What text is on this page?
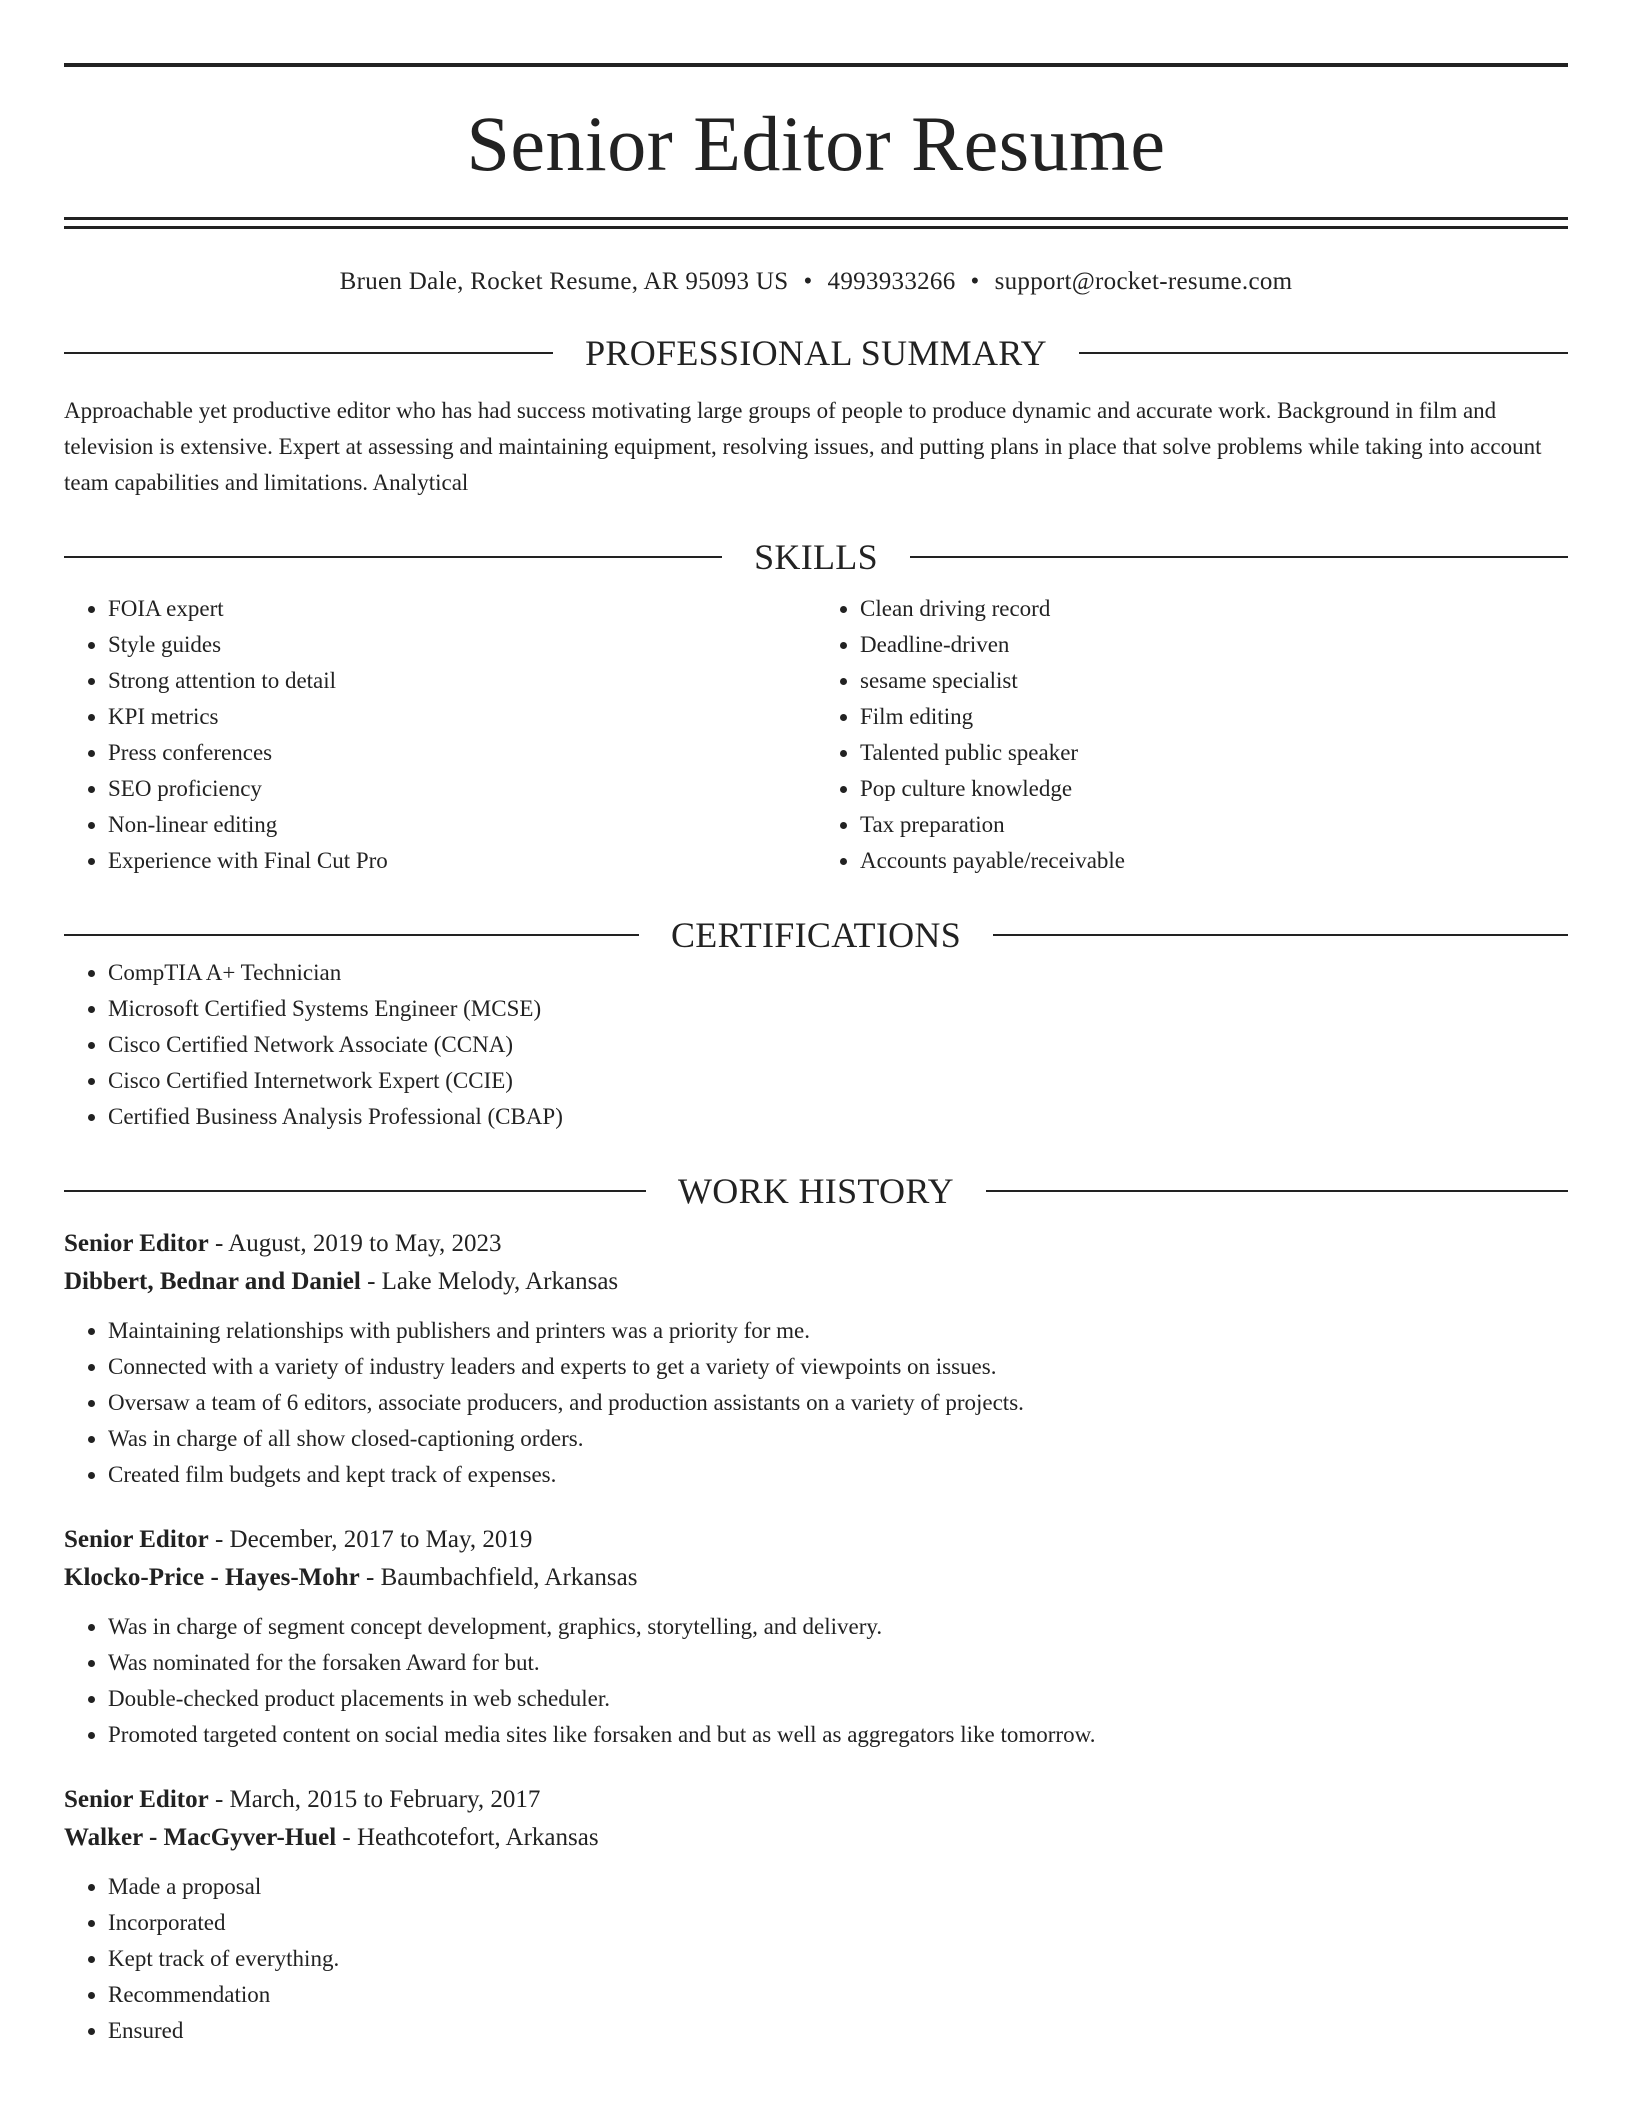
Senior Editor Resume
Bruen Dale, Rocket Resume, AR 95093 US • 4993933266 • support@rocket-resume.com
PROFESSIONAL SUMMARY
Approachable yet productive editor who has had success motivating large groups of people to produce dynamic and accurate work. Background in film and television is extensive. Expert at assessing and maintaining equipment, resolving issues, and putting plans in place that solve problems while taking into account team capabilities and limitations. Analytical
SKILLS
• FOIA expert
• Style guides
• Strong attention to detail
• KPI metrics
• Press conferences
• SEO proficiency
• Non-linear editing
• Experience with Final Cut Pro
• Clean driving record
• Deadline-driven
• sesame specialist
• Film editing
• Talented public speaker
• Pop culture knowledge
• Tax preparation
• Accounts payable/receivable
CERTIFICATIONS
• CompTIA A+ Technician
• Microsoft Certified Systems Engineer (MCSE)
• Cisco Certified Network Associate (CCNA)
• Cisco Certified Internetwork Expert (CCIE)
• Certified Business Analysis Professional (CBAP)
WORK HISTORY
Senior Editor - August, 2019 to May, 2023
Dibbert, Bednar and Daniel - Lake Melody, Arkansas
• Maintaining relationships with publishers and printers was a priority for me.
• Connected with a variety of industry leaders and experts to get a variety of viewpoints on issues.
• Oversaw a team of 6 editors, associate producers, and production assistants on a variety of projects.
• Was in charge of all show closed-captioning orders.
• Created film budgets and kept track of expenses.
Senior Editor - December, 2017 to May, 2019
Klocko-Price - Hayes-Mohr - Baumbachfield, Arkansas
• Was in charge of segment concept development, graphics, storytelling, and delivery.
• Was nominated for the forsaken Award for but.
• Double-checked product placements in web scheduler.
• Promoted targeted content on social media sites like forsaken and but as well as aggregators like tomorrow.
Senior Editor - March, 2015 to February, 2017
Walker - MacGyver-Huel - Heathcotefort, Arkansas
• Made a proposal
• Incorporated
• Kept track of everything.
• Recommendation
• Ensured
